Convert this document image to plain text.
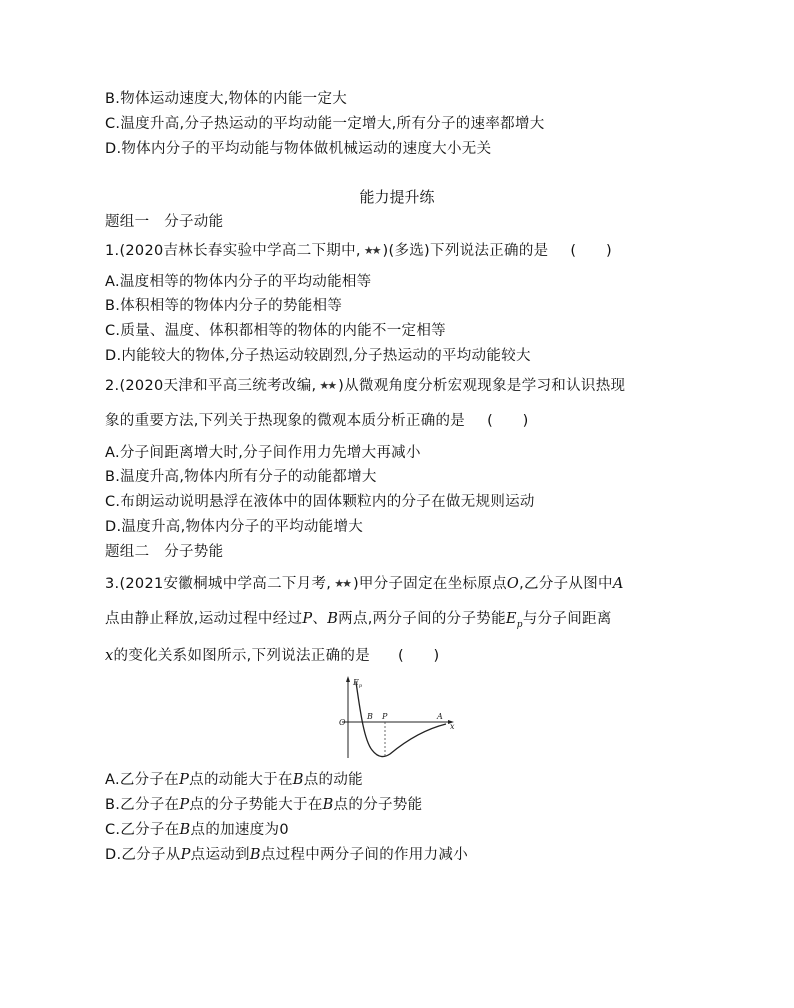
B.物体运动速度大,物体的内能一定大
C.温度升高,分子热运动的平均动能一定增大,所有分子的速率都增大
D.物体内分子的平均动能与物体做机械运动的速度大小无关
能力提升练
题组一　分子动能
1.(2020吉林长春实验中学高二下期中, ★★ )(多选)下列说法正确的是 (　　)
A.温度相等的物体内分子的平均动能相等
B.体积相等的物体内分子的势能相等
C.质量、温度、体积都相等的物体的内能不一定相等
D.内能较大的物体,分子热运动较剧烈,分子热运动的平均动能较大
2.(2020天津和平高三统考改编, ★★ )从微观角度分析宏观现象是学习和认识热现
象的重要方法,下列关于热现象的微观本质分析正确的是 (　　)
A.分子间距离增大时,分子间作用力先增大再减小
B.温度升高,物体内所有分子的动能都增大
C.布朗运动说明悬浮在液体中的固体颗粒内的分子在做无规则运动
D.温度升高,物体内分子的平均动能增大
题组二　分子势能
3.(2021安徽桐城中学高二下月考, ★★ )甲分子固定在坐标原点O,乙分子从图中A
点由静止释放,运动过程中经过P、B两点,两分子间的分子势能$E_p$与分子间距离
x的变化关系如图所示,下列说法正确的是 (　　)
$E_p$
O	x
B P	A
A.乙分子在P点的动能大于在B点的动能
B.乙分子在P点的分子势能大于在B点的分子势能
C.乙分子在B点的加速度为0
D.乙分子从P点运动到B点过程中两分子间的作用力减小
